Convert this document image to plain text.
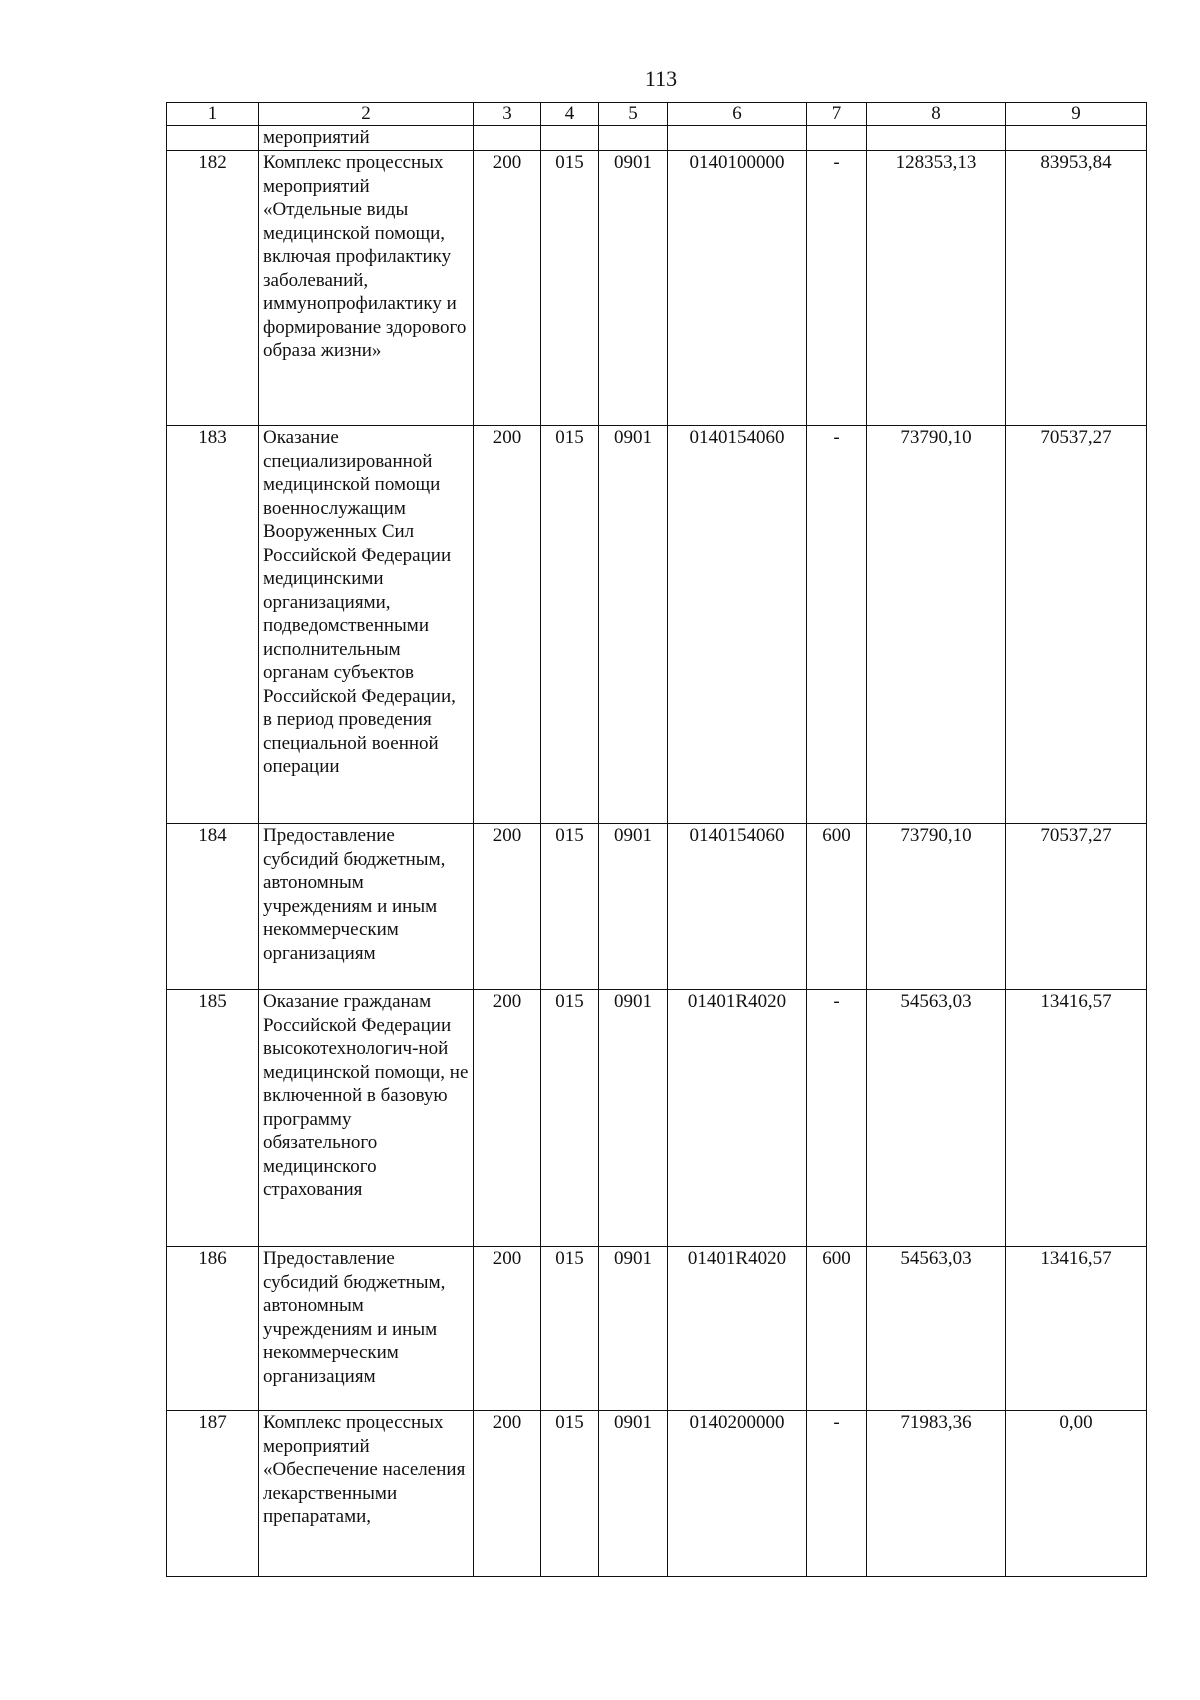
113
1	2	3	4	5	6	7	8	9
	мероприятий							
182	Комплекс процессных мероприятий «Отдельные виды медицинской помощи, включая профилактику заболеваний, иммунопрофилактику и формирование здорового образа жизни»	200	015	0901	0140100000	-	128353,13	83953,84
183	Оказание специализированной медицинской помощи военнослужащим Вооруженных Сил Российской Федерации медицинскими организациями, подведомственными исполнительным органам субъектов Российской Федерации, в период проведения специальной военной операции	200	015	0901	0140154060	-	73790,10	70537,27
184	Предоставление субсидий бюджетным, автономным учреждениям и иным некоммерческим организациям	200	015	0901	0140154060	600	73790,10	70537,27
185	Оказание гражданам Российской Федерации высокотехнологич-ной медицинской помощи, не включенной в базовую программу обязательного медицинского страхования	200	015	0901	01401R4020	-	54563,03	13416,57
186	Предоставление субсидий бюджетным, автономным учреждениям и иным некоммерческим организациям	200	015	0901	01401R4020	600	54563,03	13416,57
187	Комплекс процессных мероприятий «Обеспечение населения лекарственными препаратами,	200	015	0901	0140200000	-	71983,36	0,00
